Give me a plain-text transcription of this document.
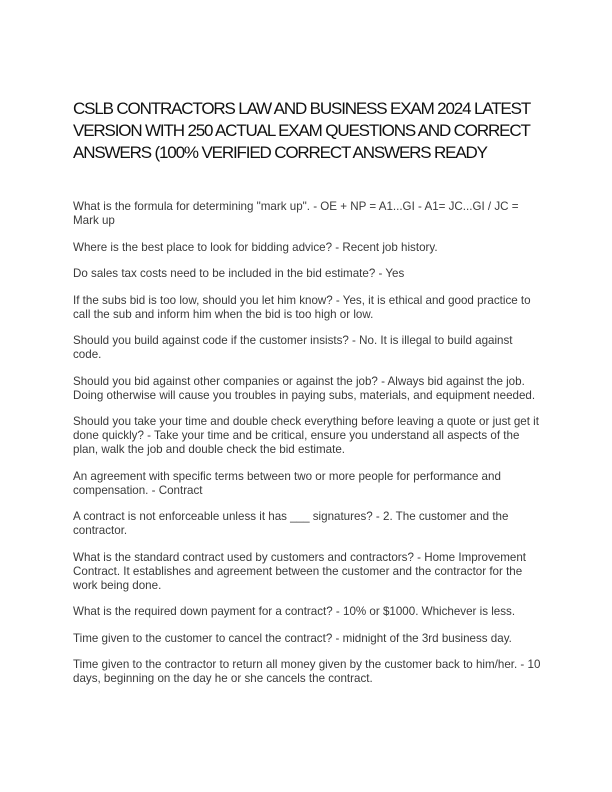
CSLB CONTRACTORS LAW AND BUSINESS EXAM 2024 LATEST VERSION WITH 250 ACTUAL EXAM QUESTIONS AND CORRECT ANSWERS (100% VERIFIED CORRECT ANSWERS READY
What is the formula for determining "mark up". - OE + NP = A1...GI - A1= JC...GI / JC = Mark up
Where is the best place to look for bidding advice? - Recent job history.
Do sales tax costs need to be included in the bid estimate? - Yes
If the subs bid is too low, should you let him know? - Yes, it is ethical and good practice to call the sub and inform him when the bid is too high or low.
Should you build against code if the customer insists? - No. It is illegal to build against code.
Should you bid against other companies or against the job? - Always bid against the job. Doing otherwise will cause you troubles in paying subs, materials, and equipment needed.
Should you take your time and double check everything before leaving a quote or just get it done quickly? - Take your time and be critical, ensure you understand all aspects of the plan, walk the job and double check the bid estimate.
An agreement with specific terms between two or more people for performance and compensation. - Contract
A contract is not enforceable unless it has ___ signatures? - 2. The customer and the contractor.
What is the standard contract used by customers and contractors? - Home Improvement Contract. It establishes and agreement between the customer and the contractor for the work being done.
What is the required down payment for a contract? - 10% or $1000. Whichever is less.
Time given to the customer to cancel the contract? - midnight of the 3rd business day.
Time given to the contractor to return all money given by the customer back to him/her. - 10 days, beginning on the day he or she cancels the contract.
